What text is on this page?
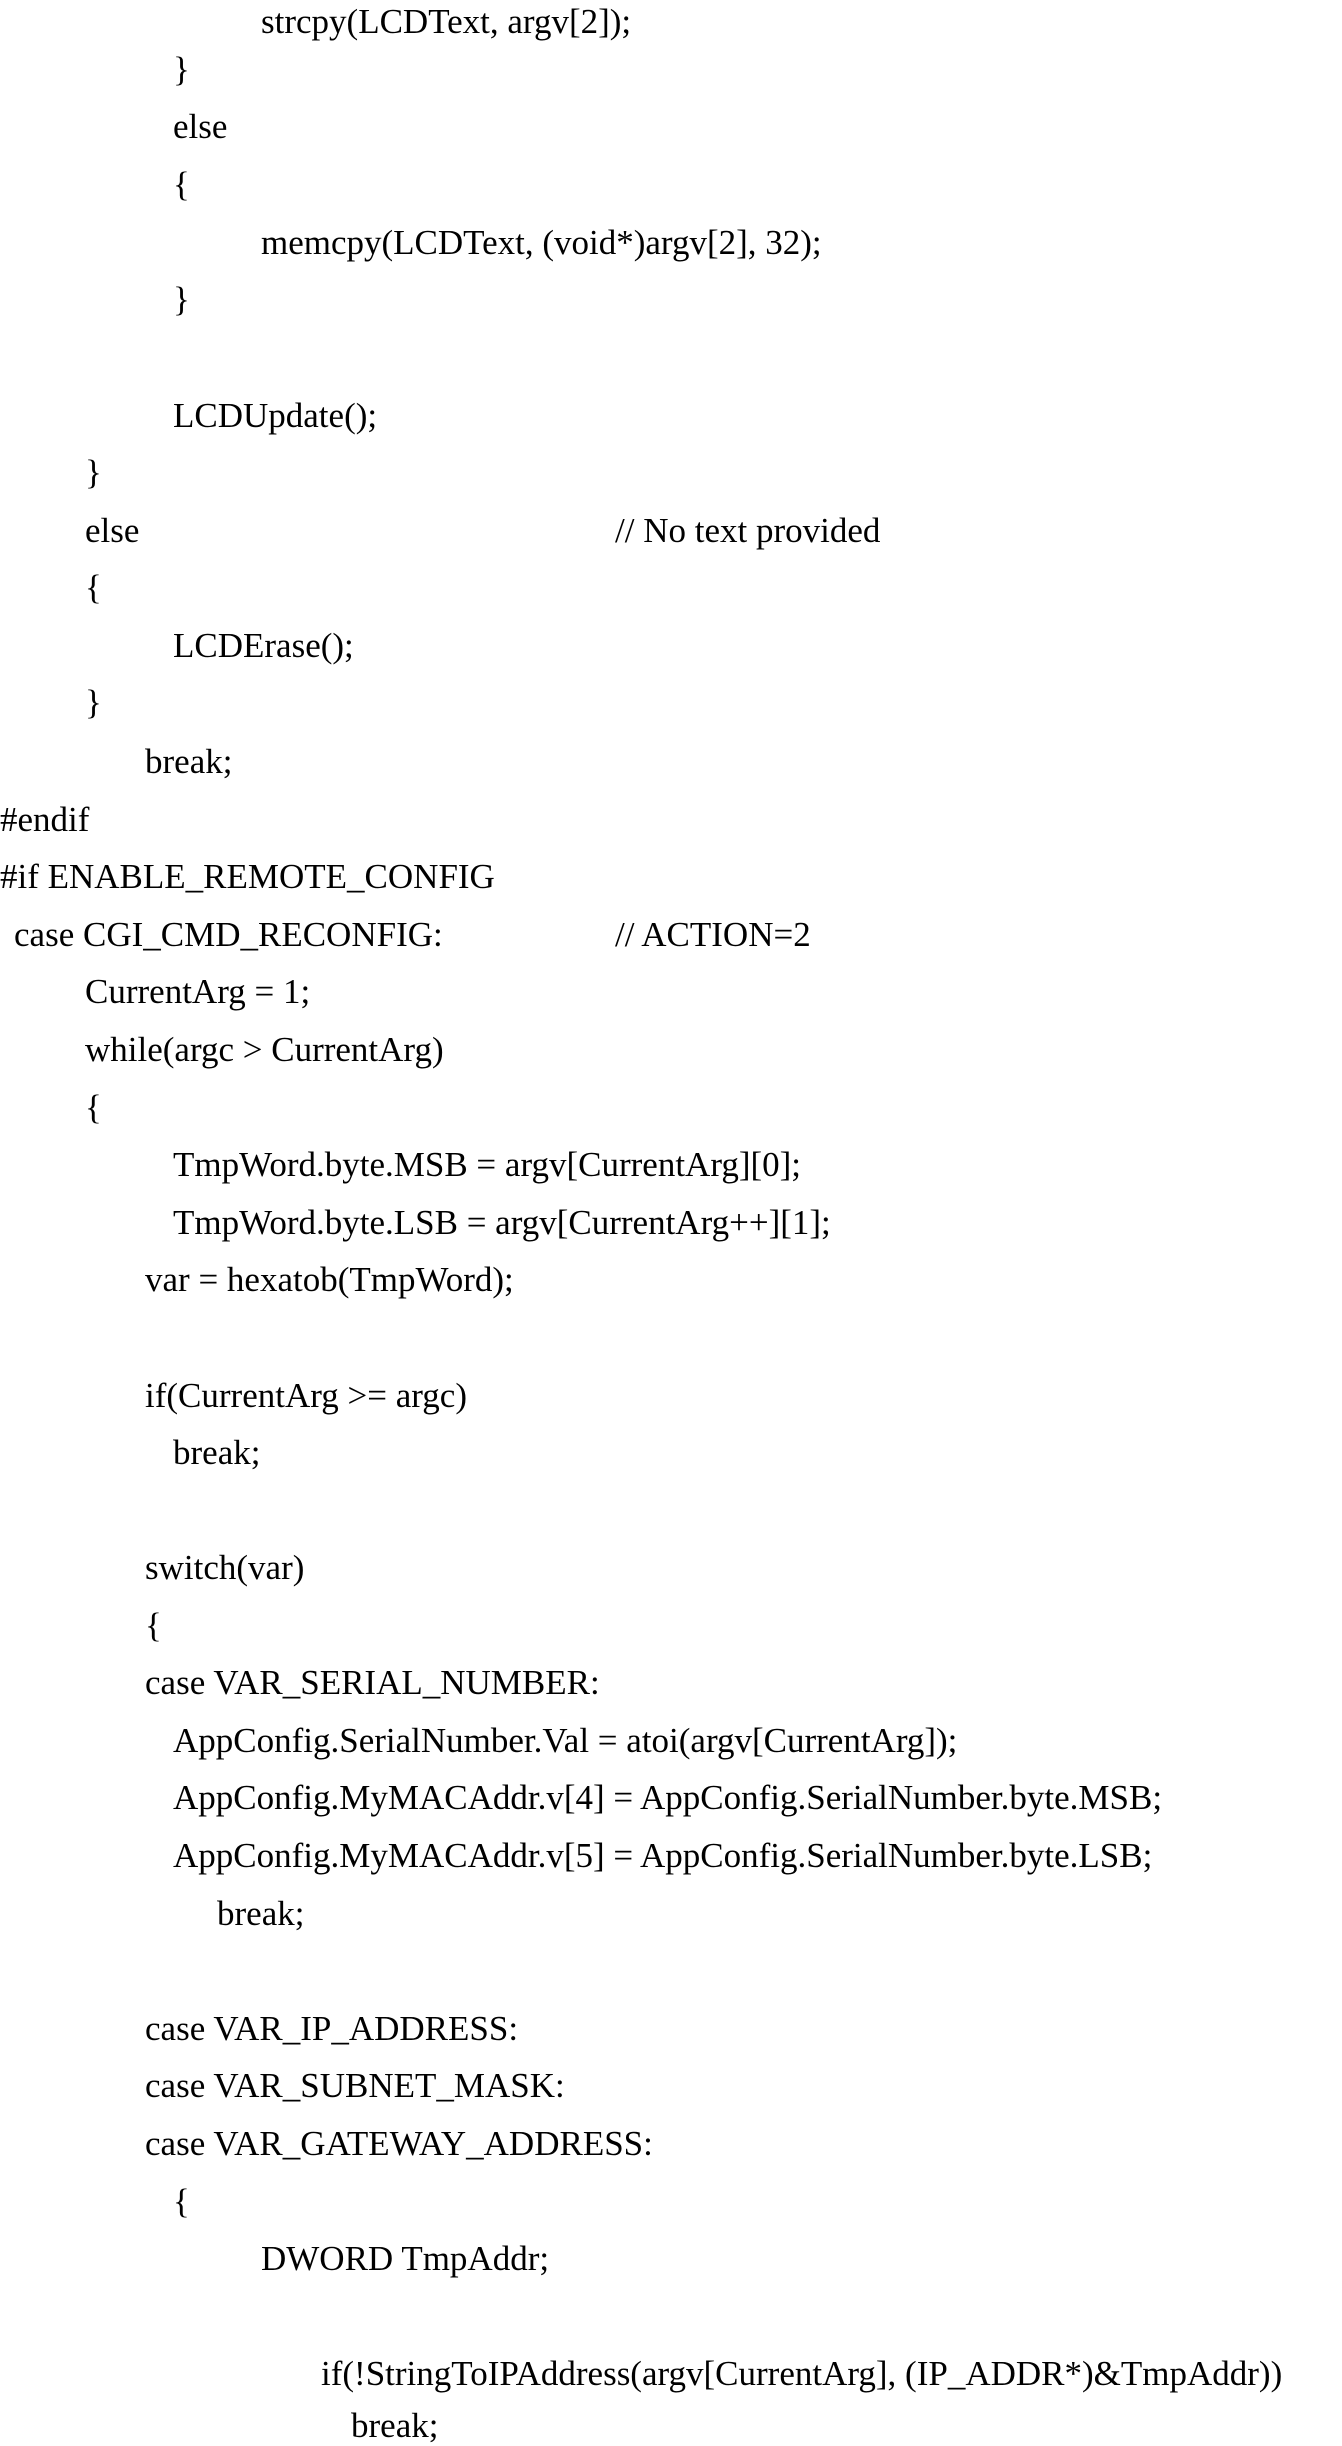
strcpy(LCDText, argv[2]);
}
else
{
memcpy(LCDText, (void*)argv[2], 32);
}
LCDUpdate();
}
else	// No text provided
{
LCDErase();
}
break;
#endif
#if ENABLE_REMOTE_CONFIG
case CGI_CMD_RECONFIG:	// ACTION=2
CurrentArg = 1;
while(argc > CurrentArg)
{
TmpWord.byte.MSB = argv[CurrentArg][0];
TmpWord.byte.LSB = argv[CurrentArg++][1];
var = hexatob(TmpWord);
if(CurrentArg >= argc)
break;
switch(var)
{
case VAR_SERIAL_NUMBER:
AppConfig.SerialNumber.Val = atoi(argv[CurrentArg]);
AppConfig.MyMACAddr.v[4] = AppConfig.SerialNumber.byte.MSB;
AppConfig.MyMACAddr.v[5] = AppConfig.SerialNumber.byte.LSB;
break;
case VAR_IP_ADDRESS:
case VAR_SUBNET_MASK:
case VAR_GATEWAY_ADDRESS:
{
DWORD TmpAddr;
if(!StringToIPAddress(argv[CurrentArg], (IP_ADDR*)&TmpAddr))
break;
